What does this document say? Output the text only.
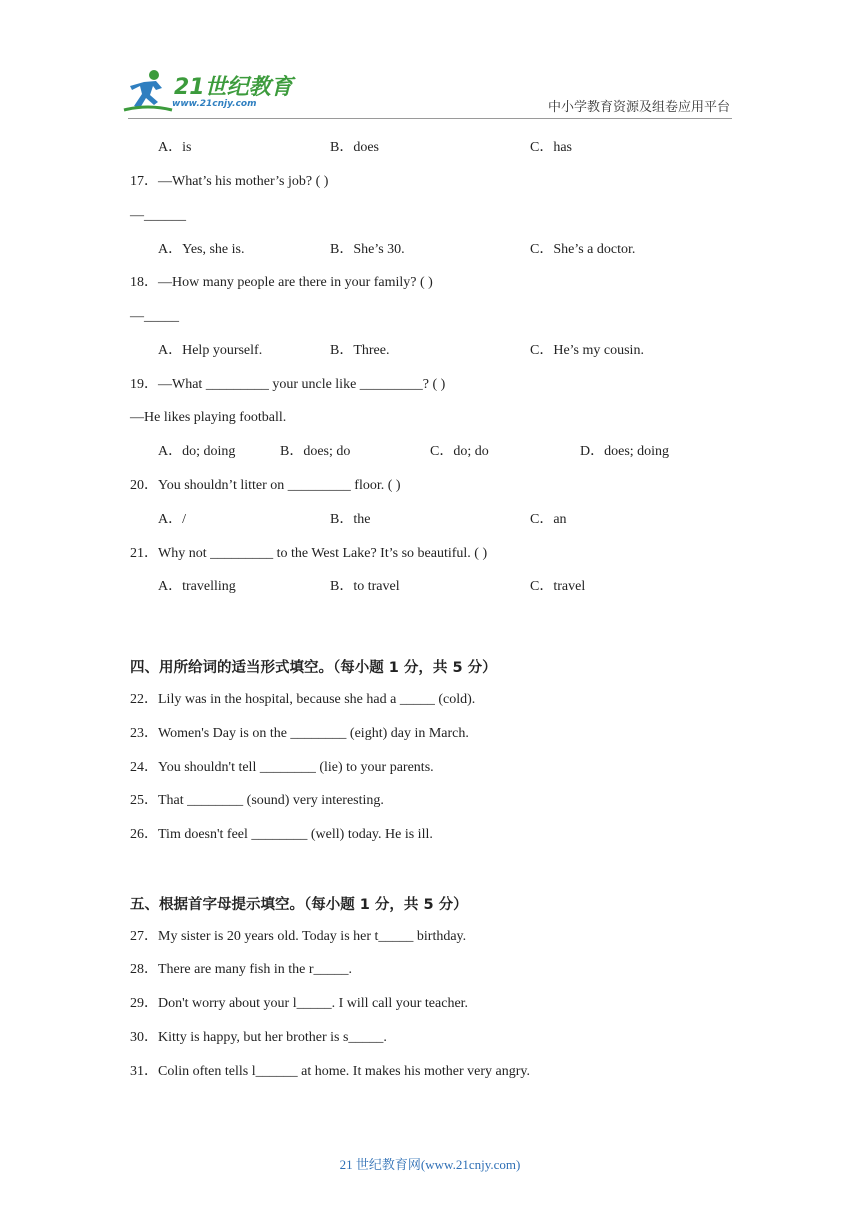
21世纪教育
www.21cnjy.com	中小学教育资源及组卷应用平台
A．is	B．does	C．has
17．—What’s his mother’s job? ( )
—______
A．Yes, she is.	B．She’s 30.	C．She’s a doctor.
18．—How many people are there in your family? ( )
—_____
A．Help yourself.	B．Three.	C．He’s my cousin.
19．—What _________ your uncle like _________? ( )
—He likes playing football.
A．do; doing	B．does; do	C．do; do	D．does; doing
20．You shouldn’t litter on _________ floor. ( )
A．/	B．the	C．an
21．Why not _________ to the West Lake? It’s so beautiful. ( )
A．travelling	B．to travel	C．travel
四、用所给词的适当形式填空。（每小题 1 分，共 5 分）
22．Lily was in the hospital, because she had a _____ (cold).
23．Women's Day is on the ________ (eight) day in March.
24．You shouldn't tell ________ (lie) to your parents.
25．That ________ (sound) very interesting.
26．Tim doesn't feel ________ (well) today. He is ill.
五、根据首字母提示填空。（每小题 1 分，共 5 分）
27．My sister is 20 years old. Today is her t_____ birthday.
28．There are many fish in the r_____.
29．Don't worry about your l_____. I will call your teacher.
30．Kitty is happy, but her brother is s_____.
31．Colin often tells l______ at home. It makes his mother very angry.
21 世纪教育网(www.21cnjy.com)
